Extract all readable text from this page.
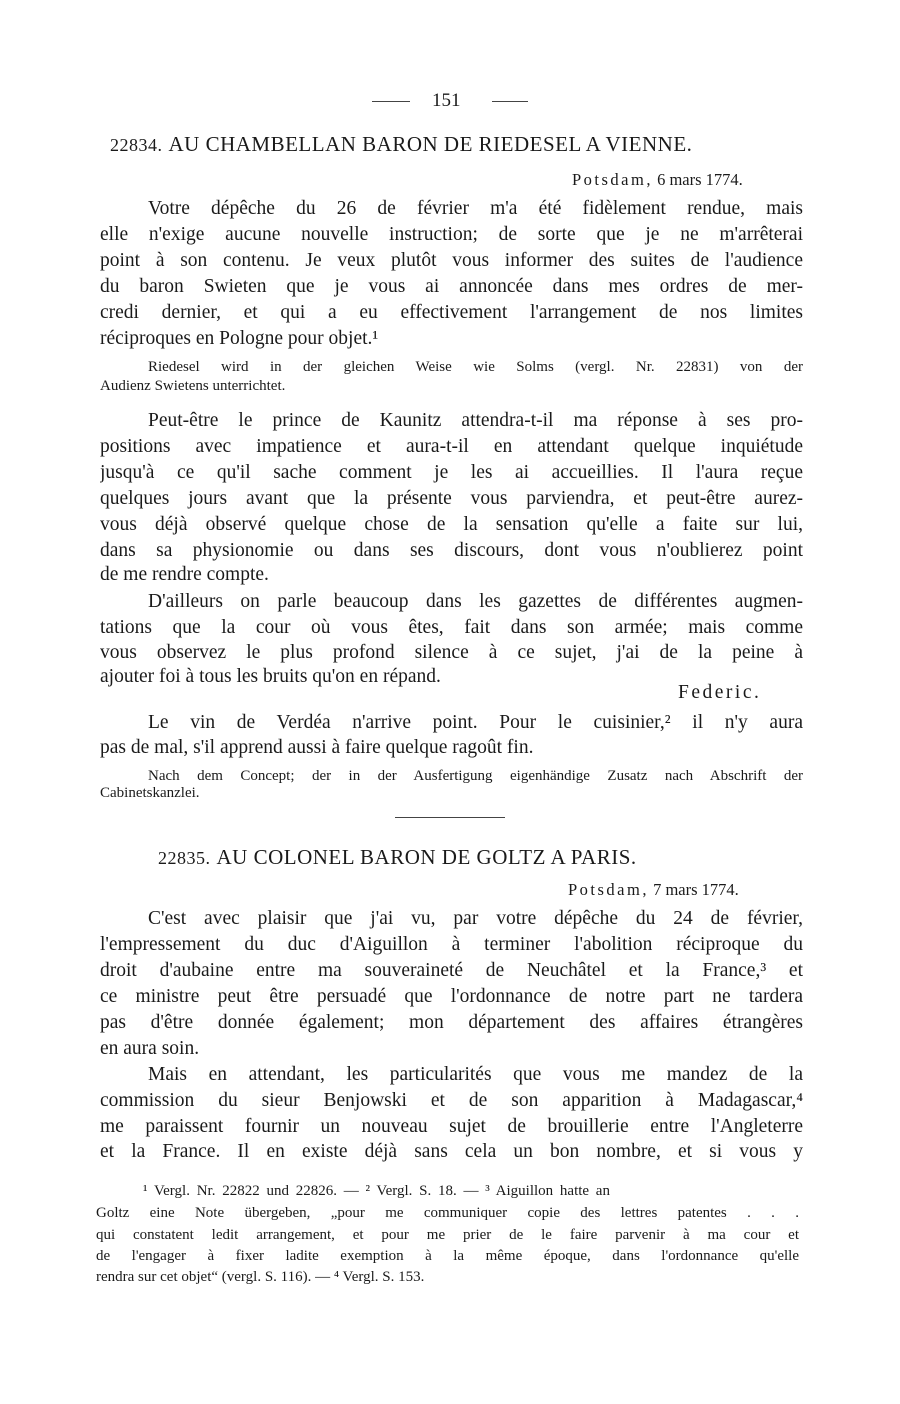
151
22834. AU CHAMBELLAN BARON DE RIEDESEL A VIENNE.
Potsdam, 6 mars 1774.
Votre dépêche du 26 de février m'a été fidèlement rendue, mais
elle n'exige aucune nouvelle instruction; de sorte que je ne m'arrêterai
point à son contenu. Je veux plutôt vous informer des suites de l'audience
du baron Swieten que je vous ai annoncée dans mes ordres de mer-
credi dernier, et qui a eu effectivement l'arrangement de nos limites
réciproques en Pologne pour objet.¹
Riedesel wird in der gleichen Weise wie Solms (vergl. Nr. 22831) von der
Audienz Swietens unterrichtet.
Peut-être le prince de Kaunitz attendra-t-il ma réponse à ses pro-
positions avec impatience et aura-t-il en attendant quelque inquiétude
jusqu'à ce qu'il sache comment je les ai accueillies. Il l'aura reçue
quelques jours avant que la présente vous parviendra, et peut-être aurez-
vous déjà observé quelque chose de la sensation qu'elle a faite sur lui,
dans sa physionomie ou dans ses discours, dont vous n'oublierez point
de me rendre compte.
D'ailleurs on parle beaucoup dans les gazettes de différentes augmen-
tations que la cour où vous êtes, fait dans son armée; mais comme
vous observez le plus profond silence à ce sujet, j'ai de la peine à
ajouter foi à tous les bruits qu'on en répand.
Federic.
Le vin de Verdéa n'arrive point. Pour le cuisinier,² il n'y aura
pas de mal, s'il apprend aussi à faire quelque ragoût fin.
Nach dem Concept; der in der Ausfertigung eigenhändige Zusatz nach Abschrift der
Cabinetskanzlei.
22835. AU COLONEL BARON DE GOLTZ A PARIS.
Potsdam, 7 mars 1774.
C'est avec plaisir que j'ai vu, par votre dépêche du 24 de février,
l'empressement du duc d'Aiguillon à terminer l'abolition réciproque du
droit d'aubaine entre ma souveraineté de Neuchâtel et la France,³ et
ce ministre peut être persuadé que l'ordonnance de notre part ne tardera
pas d'être donnée également; mon département des affaires étrangères
en aura soin.
Mais en attendant, les particularités que vous me mandez de la
commission du sieur Benjowski et de son apparition à Madagascar,⁴
me paraissent fournir un nouveau sujet de brouillerie entre l'Angleterre
et la France. Il en existe déjà sans cela un bon nombre, et si vous y
¹ Vergl. Nr. 22822 und 22826. — ² Vergl. S. 18. — ³ Aiguillon hatte an
Goltz eine Note übergeben, „pour me communiquer copie des lettres patentes . . .
qui constatent ledit arrangement, et pour me prier de le faire parvenir à ma cour et
de l'engager à fixer ladite exemption à la même époque, dans l'ordonnance qu'elle
rendra sur cet objet“ (vergl. S. 116). — ⁴ Vergl. S. 153.
